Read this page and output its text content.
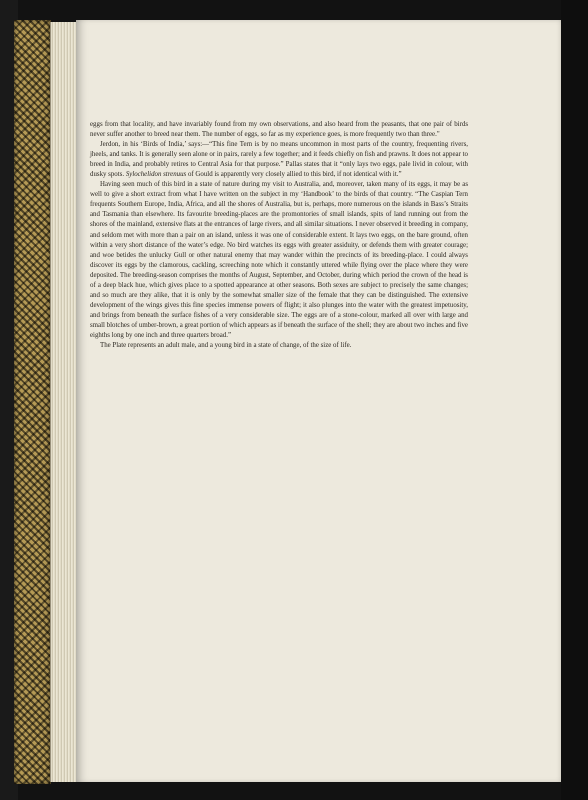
eggs from that locality, and have invariably found from my own observations, and also heard from the peasants, that one pair of birds never suffer another to breed near them. The number of eggs, so far as my experience goes, is more frequently two than three."

Jerdon, in his ‘Birds of India,’ says:—“This fine Tern is by no means uncommon in most parts of the country, frequenting rivers, jheels, and tanks. It is generally seen alone or in pairs, rarely a few together; and it feeds chiefly on fish and prawns. It does not appear to breed in India, and probably retires to Central Asia for that purpose.” Pallas states that it “only lays two eggs, pale livid in colour, with dusky spots. Sylochelidon strenuus of Gould is apparently very closely allied to this bird, if not identical with it.”

Having seen much of this bird in a state of nature during my visit to Australia, and, moreover, taken many of its eggs, it may be as well to give a short extract from what I have written on the subject in my ‘Handbook’ to the birds of that country. “The Caspian Tern frequents Southern Europe, India, Africa, and all the shores of Australia, but is, perhaps, more numerous on the islands in Bass’s Straits and Tasmania than elsewhere. Its favourite breeding-places are the promontories of small islands, spits of land running out from the shores of the mainland, extensive flats at the entrances of large rivers, and all similar situations. I never observed it breeding in company, and seldom met with more than a pair on an island, unless it was one of considerable extent. It lays two eggs, on the bare ground, often within a very short distance of the water’s edge. No bird watches its eggs with greater assiduity, or defends them with greater courage; and woe betides the unlucky Gull or other natural enemy that may wander within the precincts of its breeding-place. I could always discover its eggs by the clamorous, cackling, screeching note which it constantly uttered while flying over the place where they were deposited. The breeding-season comprises the months of August, September, and October, during which period the crown of the head is of a deep black hue, which gives place to a spotted appearance at other seasons. Both sexes are subject to precisely the same changes; and so much are they alike, that it is only by the somewhat smaller size of the female that they can be distinguished. The extensive development of the wings gives this fine species immense powers of flight; it also plunges into the water with the greatest impetuosity, and brings from beneath the surface fishes of a very considerable size. The eggs are of a stone-colour, marked all over with large and small blotches of umber-brown, a great portion of which appears as if beneath the surface of the shell; they are about two inches and five eighths long by one inch and three quarters broad.”

The Plate represents an adult male, and a young bird in a state of change, of the size of life.
